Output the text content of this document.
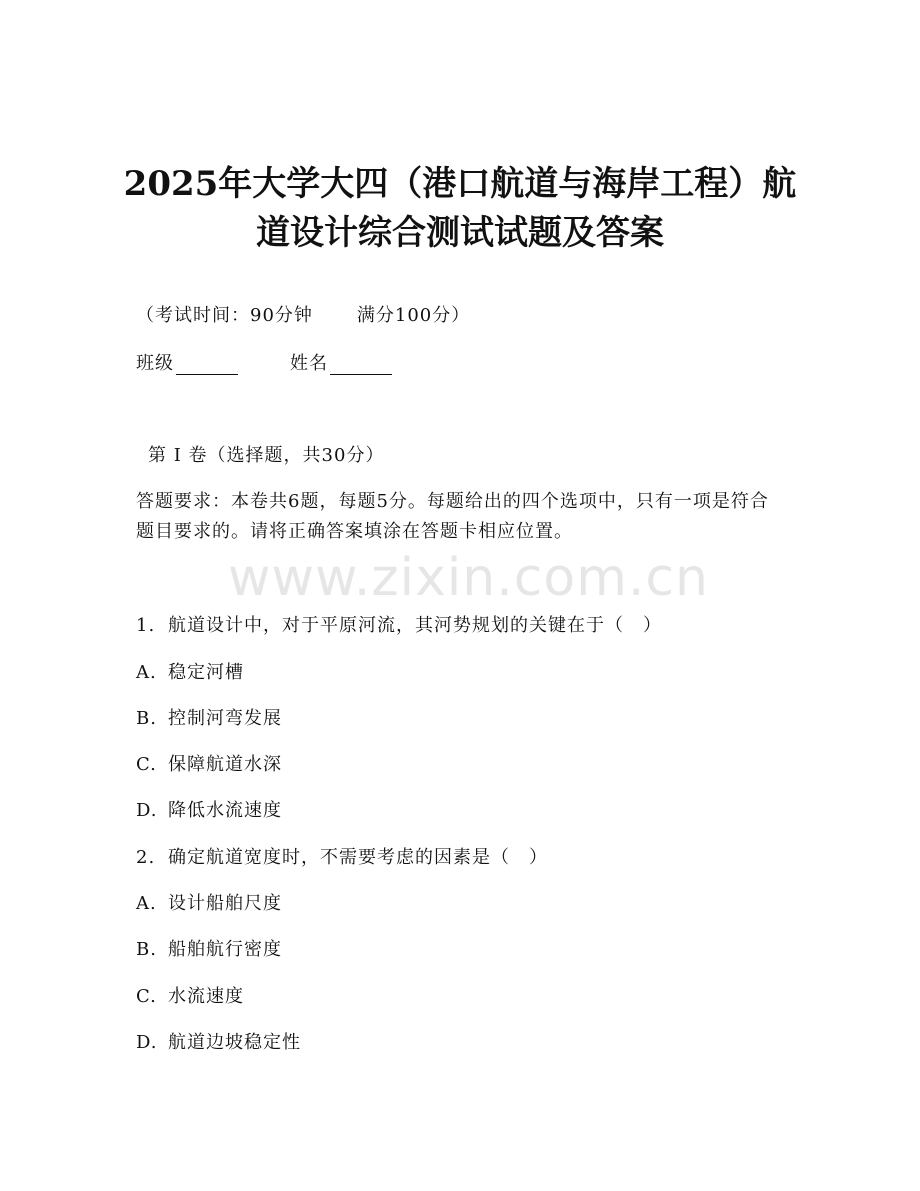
2025年大学大四（港口航道与海岸工程）航
道设计综合测试试题及答案
（考试时间：90分钟 满分100分）
班级	姓名
第 I 卷（选择题，共30分）
答题要求：本卷共6题，每题5分。每题给出的四个选项中，只有一项是符合题目要求的。请将正确答案填涂在答题卡相应位置。
www.zixin.com.cn
1. 航道设计中，对于平原河流，其河势规划的关键在于（　）
A. 稳定河槽
B. 控制河弯发展
C. 保障航道水深
D. 降低水流速度
2. 确定航道宽度时，不需要考虑的因素是（　）
A. 设计船舶尺度
B. 船舶航行密度
C. 水流速度
D. 航道边坡稳定性
